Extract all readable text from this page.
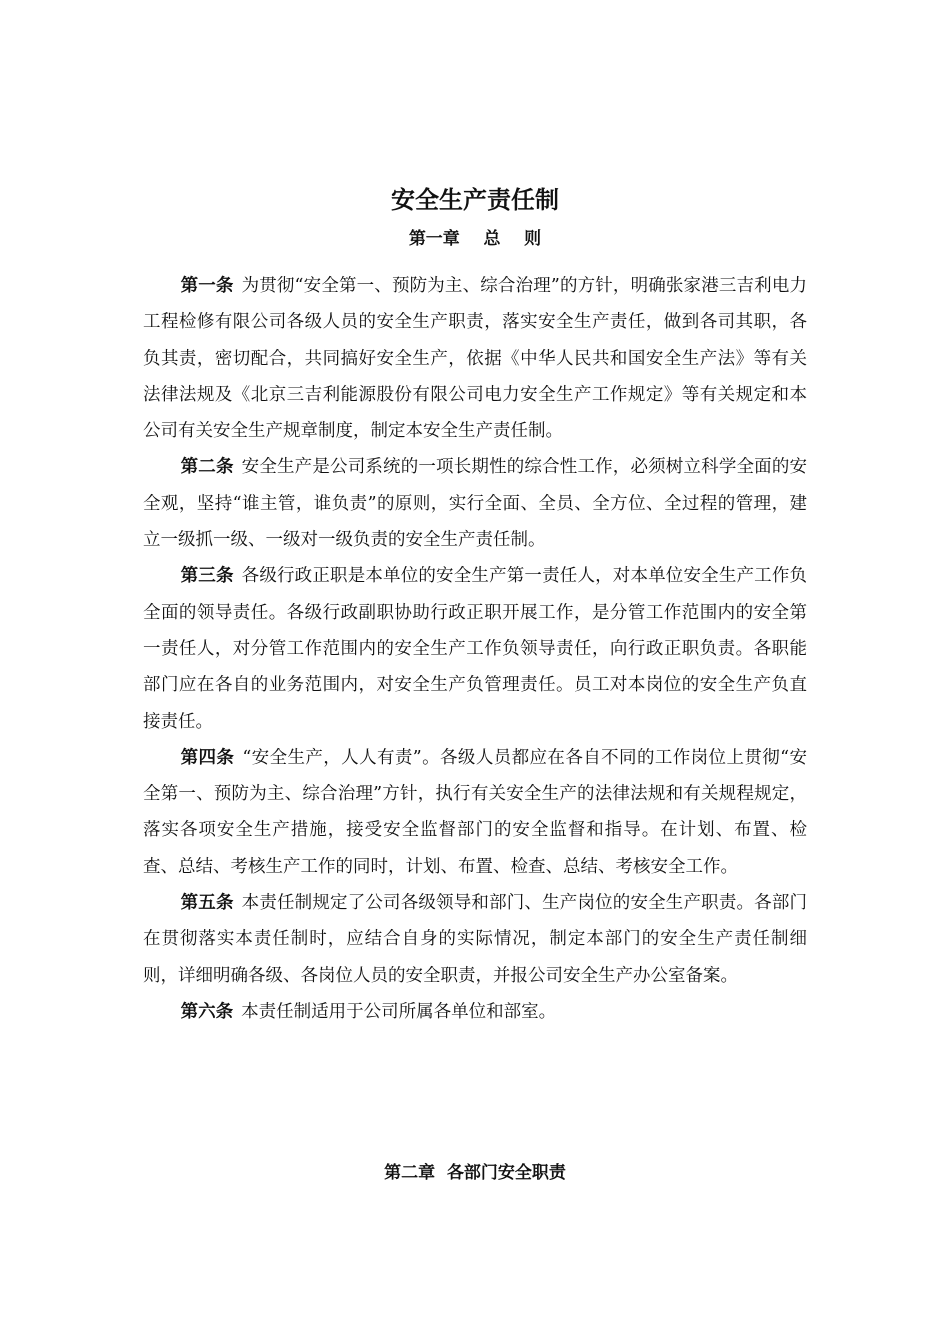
安全生产责任制
第一章    总    则

第一条 为贯彻“安全第一、预防为主、综合治理”的方针，明确张家港三吉利电力工程检修有限公司各级人员的安全生产职责，落实安全生产责任，做到各司其职，各负其责，密切配合，共同搞好安全生产，依据《中华人民共和国安全生产法》等有关法律法规及《北京三吉利能源股份有限公司电力安全生产工作规定》等有关规定和本公司有关安全生产规章制度，制定本安全生产责任制。

第二条 安全生产是公司系统的一项长期性的综合性工作，必须树立科学全面的安全观，坚持“谁主管，谁负责”的原则，实行全面、全员、全方位、全过程的管理，建立一级抓一级、一级对一级负责的安全生产责任制。

第三条 各级行政正职是本单位的安全生产第一责任人，对本单位安全生产工作负全面的领导责任。各级行政副职协助行政正职开展工作，是分管工作范围内的安全第一责任人，对分管工作范围内的安全生产工作负领导责任，向行政正职负责。各职能部门应在各自的业务范围内，对安全生产负管理责任。员工对本岗位的安全生产负直接责任。

第四条 “安全生产，人人有责”。各级人员都应在各自不同的工作岗位上贯彻“安全第一、预防为主、综合治理”方针，执行有关安全生产的法律法规和有关规程规定，落实各项安全生产措施，接受安全监督部门的安全监督和指导。在计划、布置、检查、总结、考核生产工作的同时，计划、布置、检查、总结、考核安全工作。

第五条 本责任制规定了公司各级领导和部门、生产岗位的安全生产职责。各部门在贯彻落实本责任制时，应结合自身的实际情况，制定本部门的安全生产责任制细则，详细明确各级、各岗位人员的安全职责，并报公司安全生产办公室备案。

第六条 本责任制适用于公司所属各单位和部室。

第二章  各部门安全职责
